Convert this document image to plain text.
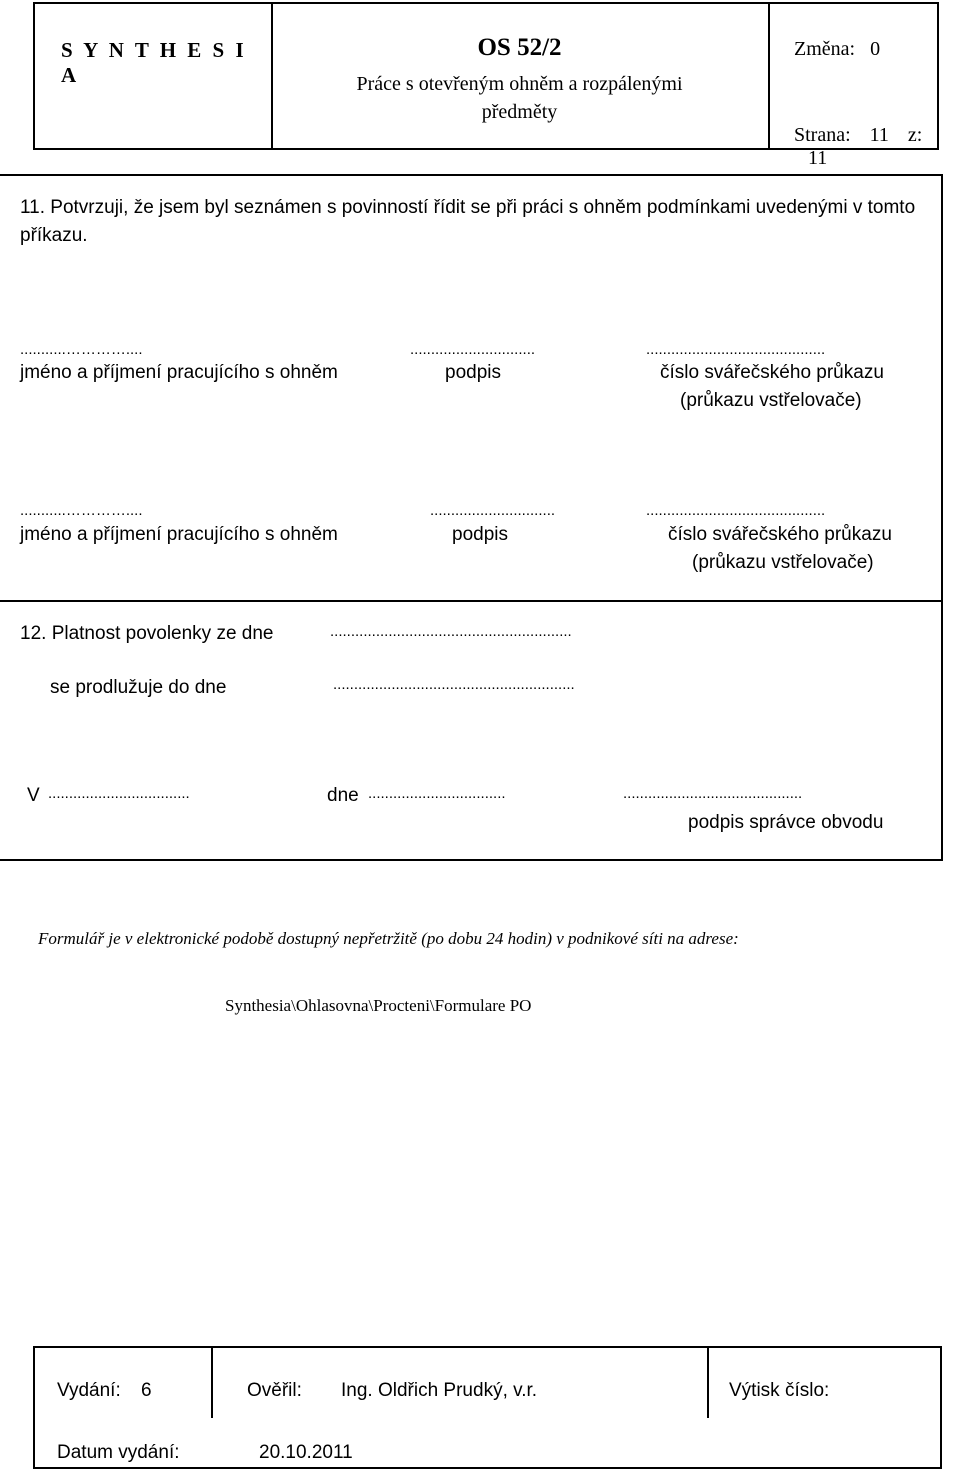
S Y N T H E S I A
OS 52/2
Práce s otevřeným ohněm a rozpálenými předměty
Změna: 0
Strana: 11 z: 11
11. Potvrzuji, že jsem byl seznámen s povinností řídit se při práci s ohněm podmínkami uvedenými v tomto příkazu.
...........…………....	..............................	...........................................
jméno a příjmení pracujícího s ohněm	podpis	číslo svářečského průkazu
(průkazu vstřelovače)
...........…………....	..............................	...........................................
jméno a příjmení pracujícího s ohněm	podpis	číslo svářečského průkazu
(průkazu vstřelovače)
12. Platnost povolenky ze dne	..........................................................
se prodlužuje do dne	..........................................................
V ..................................	dne .................................	...........................................
podpis správce obvodu
Formulář je v elektronické podobě dostupný nepřetržitě (po dobu 24 hodin) v podnikové síti na adrese:
Synthesia\Ohlasovna\Procteni\Formulare PO
Vydání: 6	Ověřil: Ing. Oldřich Prudký, v.r.	Výtisk číslo:
Datum vydání:	20.10.2011
